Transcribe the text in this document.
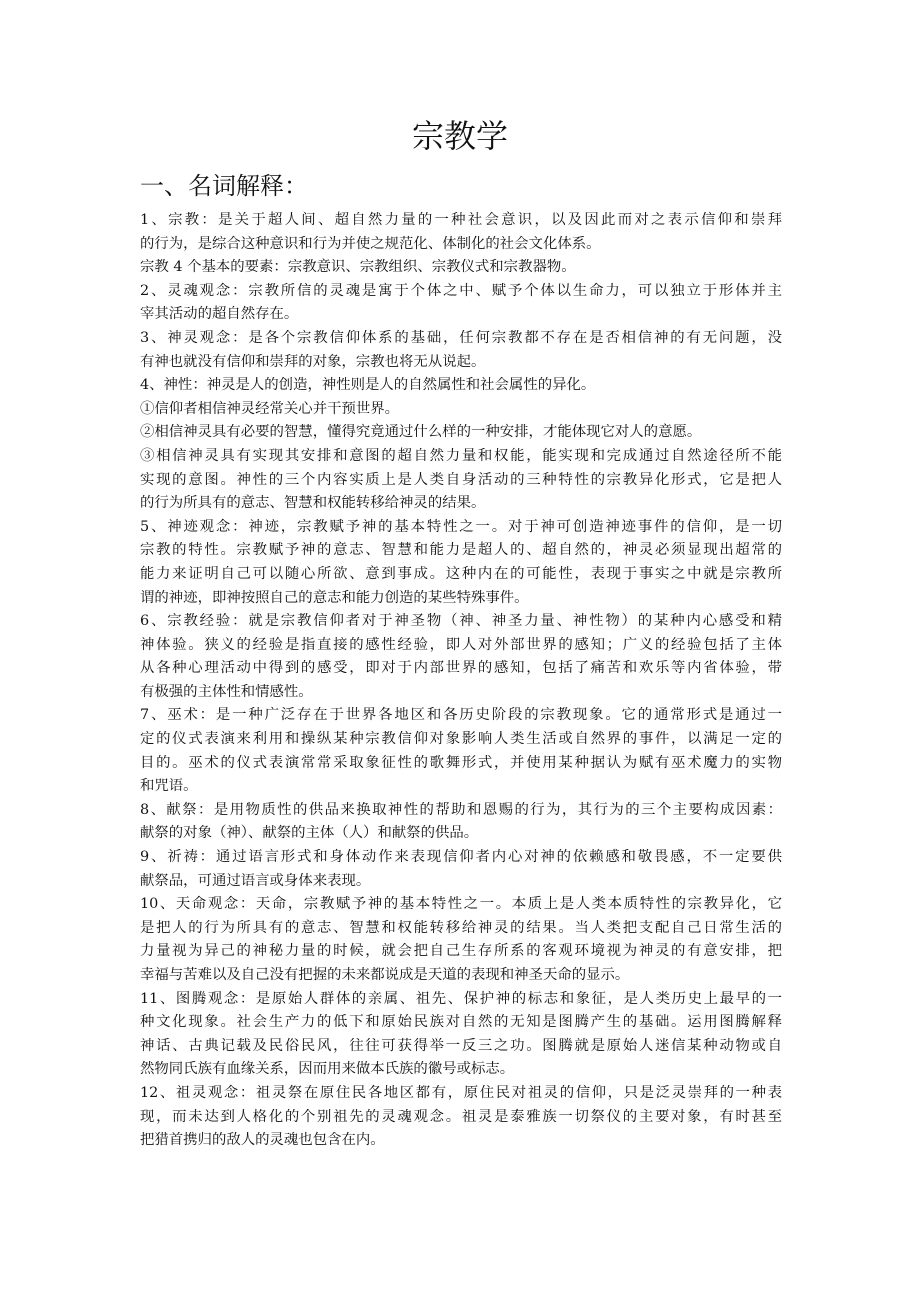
宗教学
一、名词解释：
1、宗教：是关于超人间、超自然力量的一种社会意识，以及因此而对之表示信仰和崇拜
的行为，是综合这种意识和行为并使之规范化、体制化的社会文化体系。
宗教 4 个基本的要素：宗教意识、宗教组织、宗教仪式和宗教器物。
2、灵魂观念：宗教所信的灵魂是寓于个体之中、赋予个体以生命力，可以独立于形体并主
宰其活动的超自然存在。
3、神灵观念：是各个宗教信仰体系的基础，任何宗教都不存在是否相信神的有无问题，没
有神也就没有信仰和崇拜的对象，宗教也将无从说起。
4、神性：神灵是人的创造，神性则是人的自然属性和社会属性的异化。
①信仰者相信神灵经常关心并干预世界。
②相信神灵具有必要的智慧，懂得究竟通过什么样的一种安排，才能体现它对人的意愿。
③相信神灵具有实现其安排和意图的超自然力量和权能，能实现和完成通过自然途径所不能
实现的意图。神性的三个内容实质上是人类自身活动的三种特性的宗教异化形式，它是把人
的行为所具有的意志、智慧和权能转移给神灵的结果。
5、神迹观念：神迹，宗教赋予神的基本特性之一。对于神可创造神迹事件的信仰，是一切
宗教的特性。宗教赋予神的意志、智慧和能力是超人的、超自然的，神灵必须显现出超常的
能力来证明自己可以随心所欲、意到事成。这种内在的可能性，表现于事实之中就是宗教所
谓的神迹，即神按照自己的意志和能力创造的某些特殊事件。
6、宗教经验：就是宗教信仰者对于神圣物（神、神圣力量、神性物）的某种内心感受和精
神体验。狭义的经验是指直接的感性经验，即人对外部世界的感知；广义的经验包括了主体
从各种心理活动中得到的感受，即对于内部世界的感知，包括了痛苦和欢乐等内省体验，带
有极强的主体性和情感性。
7、巫术：是一种广泛存在于世界各地区和各历史阶段的宗教现象。它的通常形式是通过一
定的仪式表演来利用和操纵某种宗教信仰对象影响人类生活或自然界的事件，以满足一定的
目的。巫术的仪式表演常常采取象征性的歌舞形式，并使用某种据认为赋有巫术魔力的实物
和咒语。
8、献祭：是用物质性的供品来换取神性的帮助和恩赐的行为，其行为的三个主要构成因素：
献祭的对象（神）、献祭的主体（人）和献祭的供品。
9、祈祷：通过语言形式和身体动作来表现信仰者内心对神的依赖感和敬畏感，不一定要供
献祭品，可通过语言或身体来表现。
10、天命观念：天命，宗教赋予神的基本特性之一。本质上是人类本质特性的宗教异化，它
是把人的行为所具有的意志、智慧和权能转移给神灵的结果。当人类把支配自己日常生活的
力量视为异己的神秘力量的时候，就会把自己生存所系的客观环境视为神灵的有意安排，把
幸福与苦难以及自己没有把握的未来都说成是天道的表现和神圣天命的显示。
11、图腾观念：是原始人群体的亲属、祖先、保护神的标志和象征，是人类历史上最早的一
种文化现象。社会生产力的低下和原始民族对自然的无知是图腾产生的基础。运用图腾解释
神话、古典记载及民俗民风，往往可获得举一反三之功。图腾就是原始人迷信某种动物或自
然物同氏族有血缘关系，因而用来做本氏族的徽号或标志。
12、祖灵观念：祖灵祭在原住民各地区都有，原住民对祖灵的信仰，只是泛灵崇拜的一种表
现，而未达到人格化的个别祖先的灵魂观念。祖灵是泰雅族一切祭仪的主要对象，有时甚至
把猎首携归的敌人的灵魂也包含在内。
